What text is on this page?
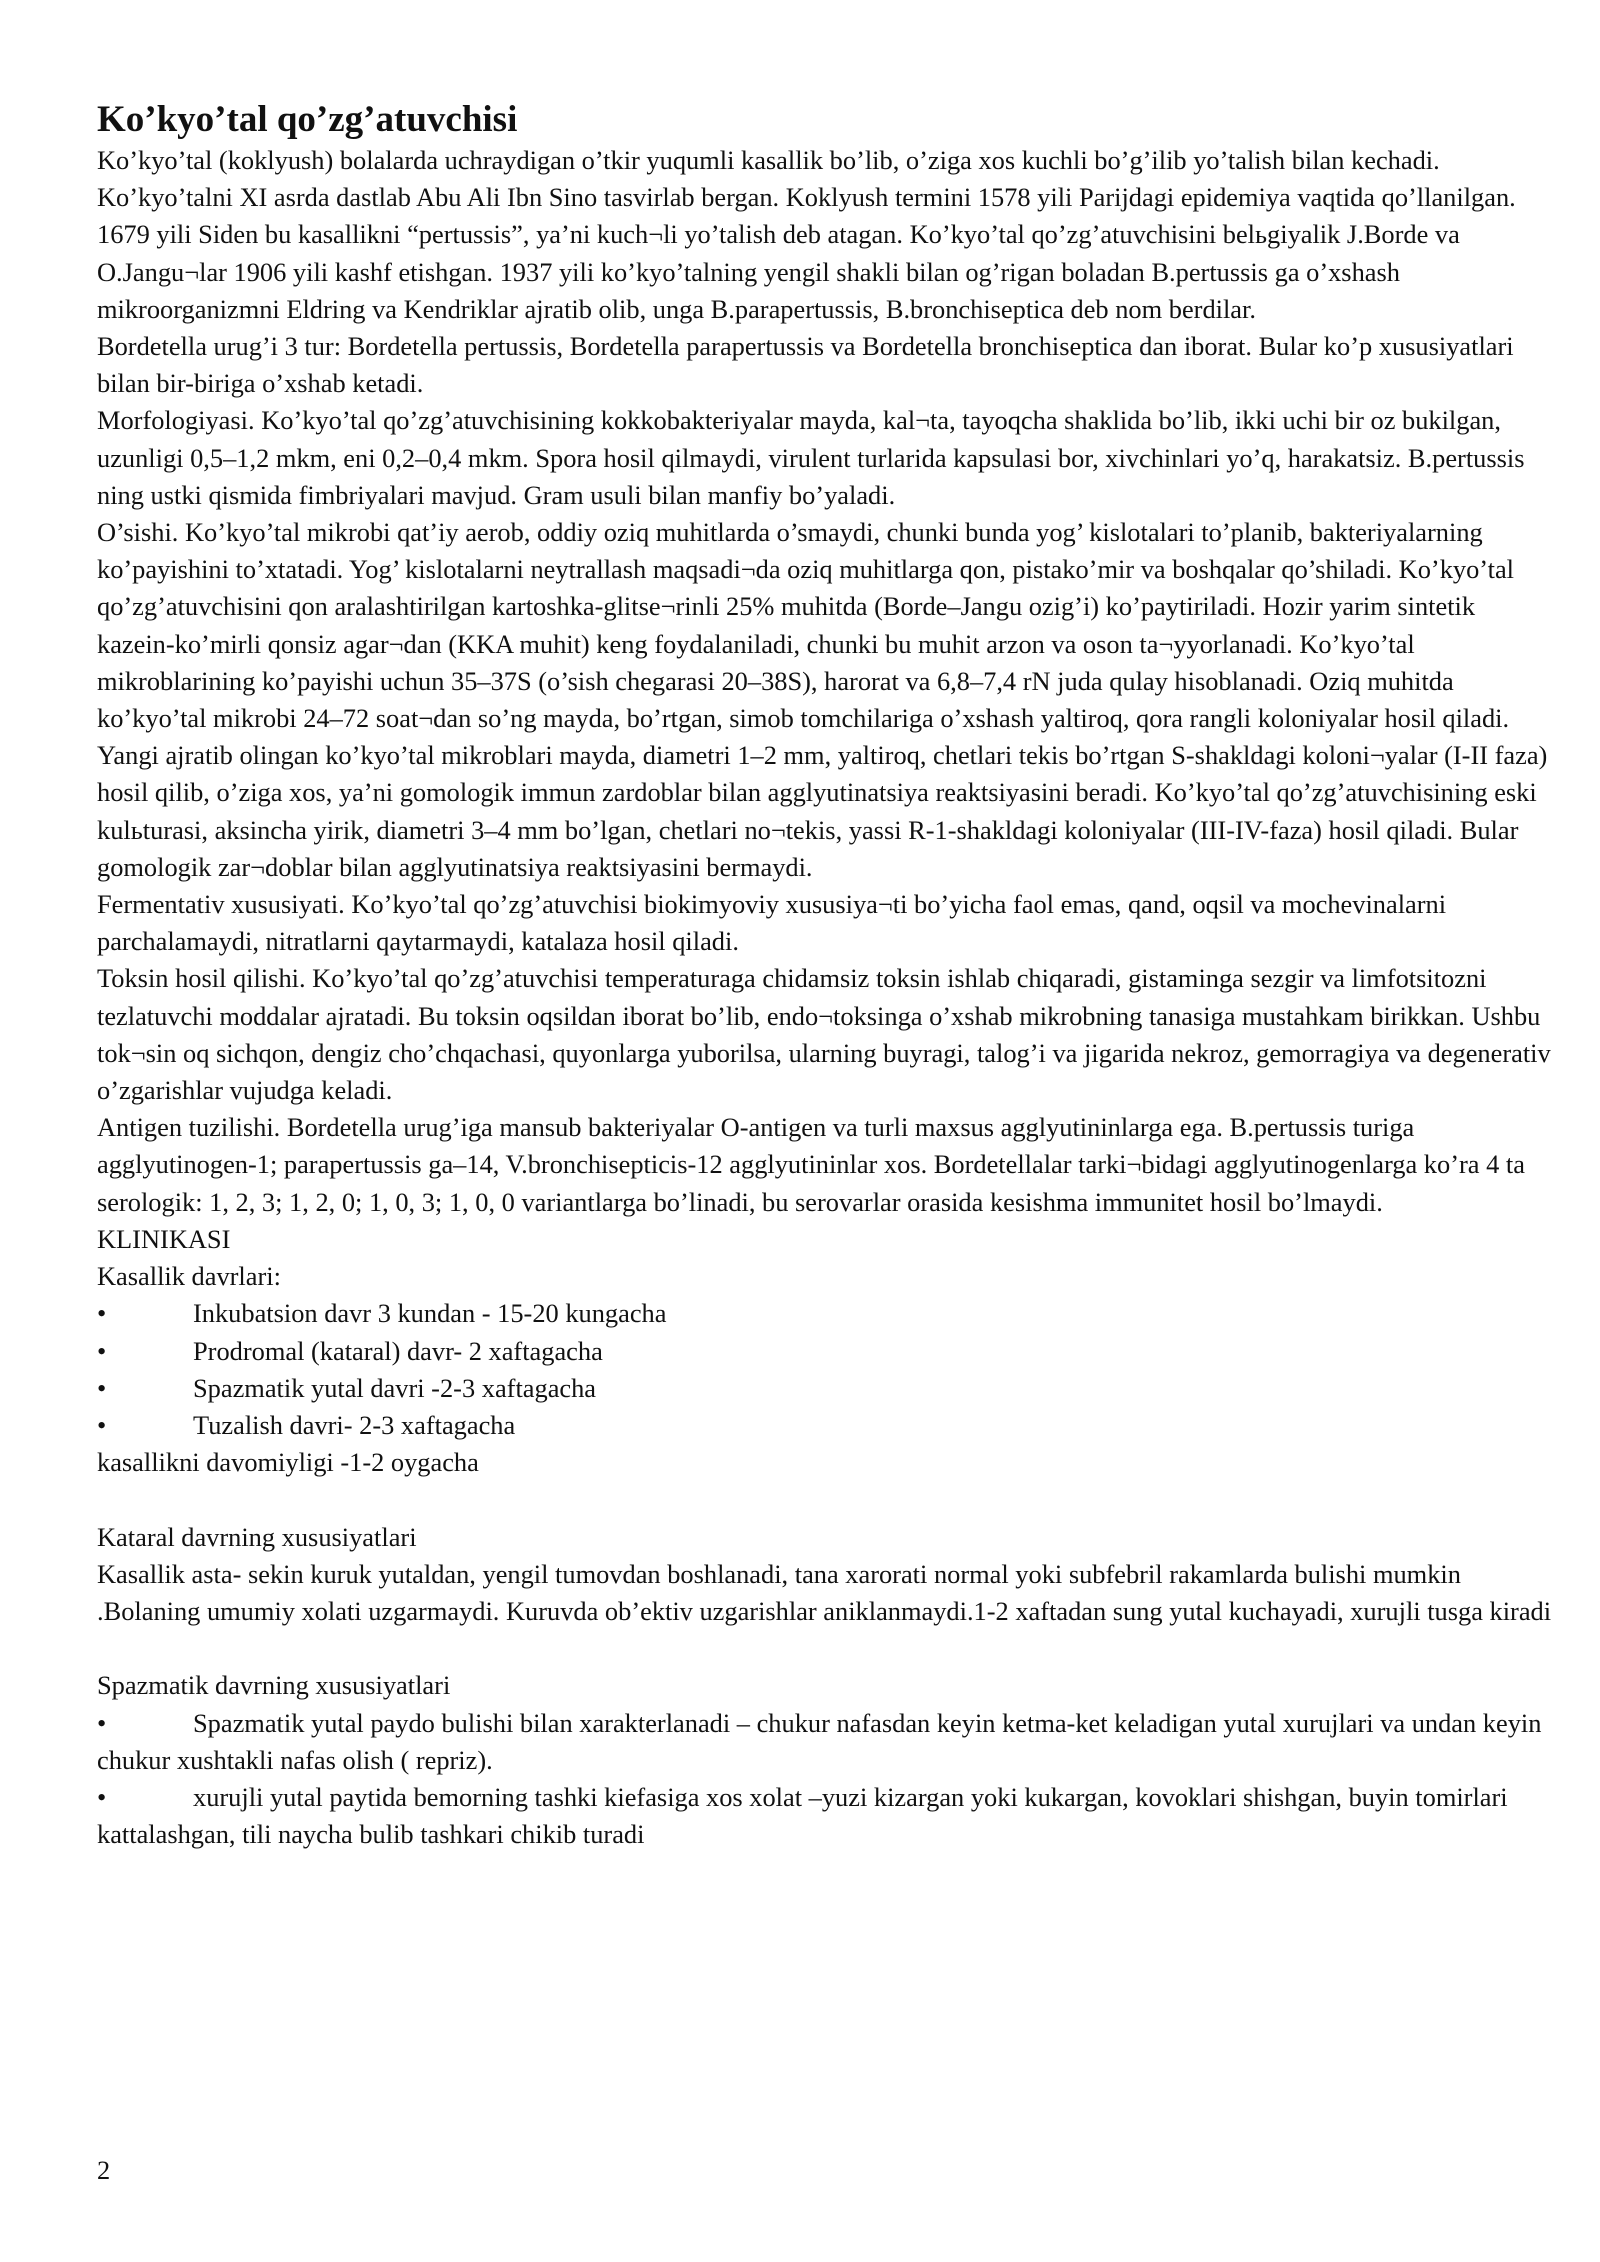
Ko’kyo’tal qo’zg’atuvchisi

Ko’kyo’tal (koklyush) bolalarda uchraydigan o’tkir yuqumli kasallik bo’lib, o’ziga xos kuchli bo’g’ilib yo’talish bilan kechadi.

Ko’kyo’talni XI asrda dastlab Abu Ali Ibn Sino tasvirlab bergan. Koklyush termini 1578 yili Parijdagi epidemiya vaqtida qo’llanilgan. 1679 yili Siden bu kasallikni “pertussis”, ya’ni kuch¬li yo’talish deb atagan. Ko’kyo’tal qo’zg’atuvchisini belьgiyalik J.Borde va O.Jangu¬lar 1906 yili kashf etishgan. 1937 yili ko’kyo’talning yengil shakli bilan og’rigan boladan B.pertussis ga o’xshash mikroorganizmni Eldring va Kendriklar ajratib olib, unga B.parapertussis, B.bronchiseptica deb nom berdilar.

Bordetella urug’i 3 tur: Bordetella pertussis, Bordetella parapertussis va Bordetella bronchiseptica dan iborat. Bular ko’p xususiyatlari bilan bir-biriga o’xshab ketadi.

Morfologiyasi. Ko’kyo’tal qo’zg’atuvchisining kokkobakteriyalar mayda, kal¬ta, tayoqcha shaklida bo’lib, ikki uchi bir oz bukilgan, uzunligi 0,5–1,2 mkm, eni 0,2–0,4 mkm. Spora hosil qilmaydi, virulent turlarida kapsulasi bor, xivchinlari yo’q, harakatsiz. B.pertussis ning ustki qismida fimbriyalari mavjud. Gram usuli bilan manfiy bo’yaladi.

O’sishi. Ko’kyo’tal mikrobi qat’iy aerob, oddiy oziq muhitlarda o’smaydi, chunki bunda yog’ kislotalari to’planib, bakteriyalarning ko’payishini to’xtatadi. Yog’ kislotalarni neytrallash maqsadi¬da oziq muhitlarga qon, pistako’mir va boshqalar qo’shiladi. Ko’kyo’tal qo’zg’atuvchisini qon aralashtirilgan kartoshka-glitse¬rinli 25% muhitda (Borde–Jangu ozig’i) ko’paytiriladi. Hozir yarim sintetik kazein-ko’mirli qonsiz agar¬dan (KKA muhit) keng foydalaniladi, chunki bu muhit arzon va oson ta¬yyorlanadi. Ko’kyo’tal mikroblarining ko’payishi uchun 35–37S (o’sish chegarasi 20–38S), harorat va 6,8–7,4 rN juda qulay hisoblanadi. Oziq muhitda ko’kyo’tal mikrobi 24–72 soat¬dan so’ng mayda, bo’rtgan, simob tomchilariga o’xshash yaltiroq, qora rangli koloniyalar hosil qiladi. Yangi ajratib olingan ko’kyo’tal mikroblari mayda, diametri 1–2 mm, yaltiroq, chetlari tekis bo’rtgan S-shakldagi koloni¬yalar (I-II faza) hosil qilib, o’ziga xos, ya’ni gomologik immun zardoblar bilan agglyutinatsiya reaktsiyasini beradi. Ko’kyo’tal qo’zg’atuvchisining eski kulьturasi, aksincha yirik, diametri 3–4 mm bo’lgan, chetlari no¬tekis, yassi R-1-shakldagi koloniyalar (III-IV-faza) hosil qiladi. Bular gomologik zar¬doblar bilan agglyutinatsiya reaktsiyasini bermaydi.

Fermentativ xususiyati. Ko’kyo’tal qo’zg’atuvchisi biokimyoviy xususiya¬ti bo’yicha faol emas, qand, oqsil va mochevinalarni parchalamaydi, nitratlarni qaytarmaydi, katalaza hosil qiladi.

Toksin hosil qilishi. Ko’kyo’tal qo’zg’atuvchisi temperaturaga chidamsiz toksin ishlab chiqaradi, gistaminga sezgir va limfotsitozni tezlatuvchi moddalar ajratadi. Bu toksin oqsildan iborat bo’lib, endo¬toksinga o’xshab mikrobning tanasiga mustahkam birikkan. Ushbu tok¬sin oq sichqon, dengiz cho’chqachasi, quyonlarga yuborilsa, ularning buyragi, talog’i va jigarida nekroz, gemorragiya va degenerativ o’zgarishlar vujudga keladi.

Antigen tuzilishi. Bordetella urug’iga mansub bakteriyalar O-antigen va turli maxsus agglyutininlarga ega. B.pertussis turiga agglyutinogen-1; parapertussis ga–14, V.bronchisepticis-12 agglyutininlar xos. Bordetellalar tarki¬bidagi agglyutinogenlarga ko’ra 4 ta serologik: 1, 2, 3; 1, 2, 0; 1, 0, 3; 1, 0, 0 variantlarga bo’linadi, bu serovarlar orasida kesishma immunitet hosil bo’lmaydi.

KLINIKASI

Kasallik davrlari:

•	Inkubatsion davr 3 kundan - 15-20 kungacha
•	Prodromal (kataral) davr- 2 xaftagacha
•	Spazmatik yutal davri -2-3 xaftagacha
•	Tuzalish davri- 2-3 xaftagacha

kasallikni davomiyligi -1-2 oygacha

Kataral davrning xususiyatlari

Kasallik asta- sekin kuruk yutaldan, yengil tumovdan boshlanadi, tana xarorati normal yoki subfebril rakamlarda bulishi mumkin .Bolaning umumiy xolati uzgarmaydi. Kuruvda ob’ektiv uzgarishlar aniklanmaydi.1-2 xaftadan sung yutal kuchayadi, xurujli tusga kiradi

Spazmatik davrning xususiyatlari

•	Spazmatik yutal paydo bulishi bilan xarakterlanadi – chukur nafasdan keyin ketma-ket keladigan yutal xurujlari va undan keyin chukur xushtakli nafas olish ( repriz).

•	xurujli yutal paytida bemorning tashki kiefasiga xos xolat –yuzi kizargan yoki kukargan, kovoklari shishgan, buyin tomirlari kattalashgan, tili naycha bulib tashkari chikib turadi

2
